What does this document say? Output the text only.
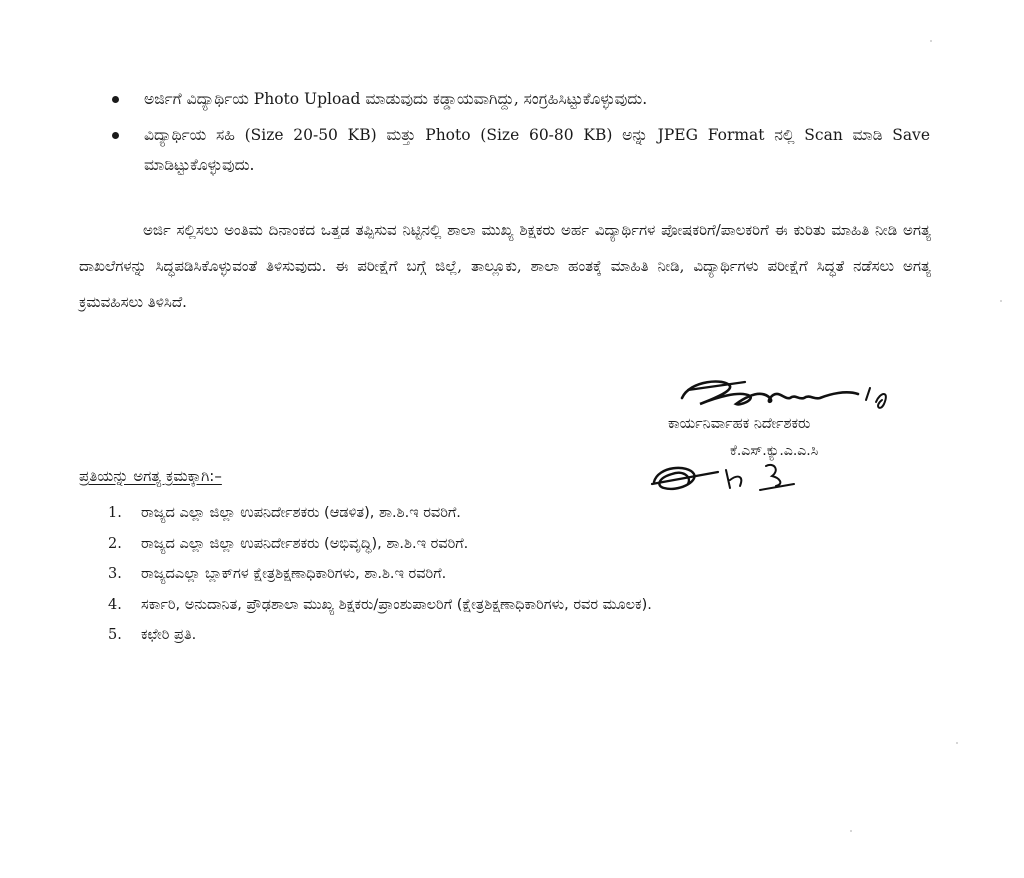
ಅರ್ಜಿಗೆ ವಿದ್ಯಾರ್ಥಿಯ Photo Upload ಮಾಡುವುದು ಕಡ್ಡಾಯವಾಗಿದ್ದು, ಸಂಗ್ರಹಿಸಿಟ್ಟುಕೊಳ್ಳುವುದು.
ವಿದ್ಯಾರ್ಥಿಯ ಸಹಿ (Size 20-50 KB) ಮತ್ತು Photo (Size 60-80 KB) ಅನ್ನು JPEG Format ನಲ್ಲಿ Scan ಮಾಡಿ Save ಮಾಡಿಟ್ಟುಕೊಳ್ಳುವುದು.

ಅರ್ಜಿ ಸಲ್ಲಿಸಲು ಅಂತಿಮ ದಿನಾಂಕದ ಒತ್ತಡ ತಪ್ಪಿಸುವ ನಿಟ್ಟಿನಲ್ಲಿ ಶಾಲಾ ಮುಖ್ಯ ಶಿಕ್ಷಕರು ಅರ್ಹ ವಿದ್ಯಾರ್ಥಿಗಳ ಪೋಷಕರಿಗೆ/ಪಾಲಕರಿಗೆ ಈ ಕುರಿತು ಮಾಹಿತಿ ನೀಡಿ ಅಗತ್ಯ ದಾಖಲೆಗಳನ್ನು ಸಿದ್ಧಪಡಿಸಿಕೊಳ್ಳುವಂತೆ ತಿಳಿಸುವುದು. ಈ ಪರೀಕ್ಷೆಗೆ ಬಗ್ಗೆ ಜಿಲ್ಲೆ, ತಾಲ್ಲೂಕು, ಶಾಲಾ ಹಂತಕ್ಕೆ ಮಾಹಿತಿ ನೀಡಿ, ವಿದ್ಯಾರ್ಥಿಗಳು ಪರೀಕ್ಷೆಗೆ ಸಿದ್ಧತೆ ನಡೆಸಲು ಅಗತ್ಯ ಕ್ರಮವಹಿಸಲು ತಿಳಿಸಿದೆ.

ಕಾರ್ಯನಿರ್ವಾಹಕ ನಿರ್ದೇಶಕರು

ಕೆ.ಎಸ್.ಕ್ಯು.ಎ.ಎ.ಸಿ

ಪ್ರತಿಯನ್ನು ಅಗತ್ಯ ಕ್ರಮಕ್ಕಾಗಿ:–

1. ರಾಜ್ಯದ ಎಲ್ಲಾ ಜಿಲ್ಲಾ ಉಪನಿರ್ದೇಶಕರು (ಆಡಳಿತ), ಶಾ.ಶಿ.ಇ ರವರಿಗೆ.
2. ರಾಜ್ಯದ ಎಲ್ಲಾ ಜಿಲ್ಲಾ ಉಪನಿರ್ದೇಶಕರು (ಅಭಿವೃದ್ಧಿ), ಶಾ.ಶಿ.ಇ ರವರಿಗೆ.
3. ರಾಜ್ಯದಎಲ್ಲಾ ಬ್ಲಾಕ್‌ಗಳ ಕ್ಷೇತ್ರಶಿಕ್ಷಣಾಧಿಕಾರಿಗಳು, ಶಾ.ಶಿ.ಇ ರವರಿಗೆ.
4. ಸರ್ಕಾರಿ, ಅನುದಾನಿತ, ಪ್ರೌಢಶಾಲಾ ಮುಖ್ಯ ಶಿಕ್ಷಕರು/ಪ್ರಾಂಶುಪಾಲರಿಗೆ (ಕ್ಷೇತ್ರಶಿಕ್ಷಣಾಧಿಕಾರಿಗಳು, ರವರ ಮೂಲಕ).
5. ಕಛೇರಿ ಪ್ರತಿ.
